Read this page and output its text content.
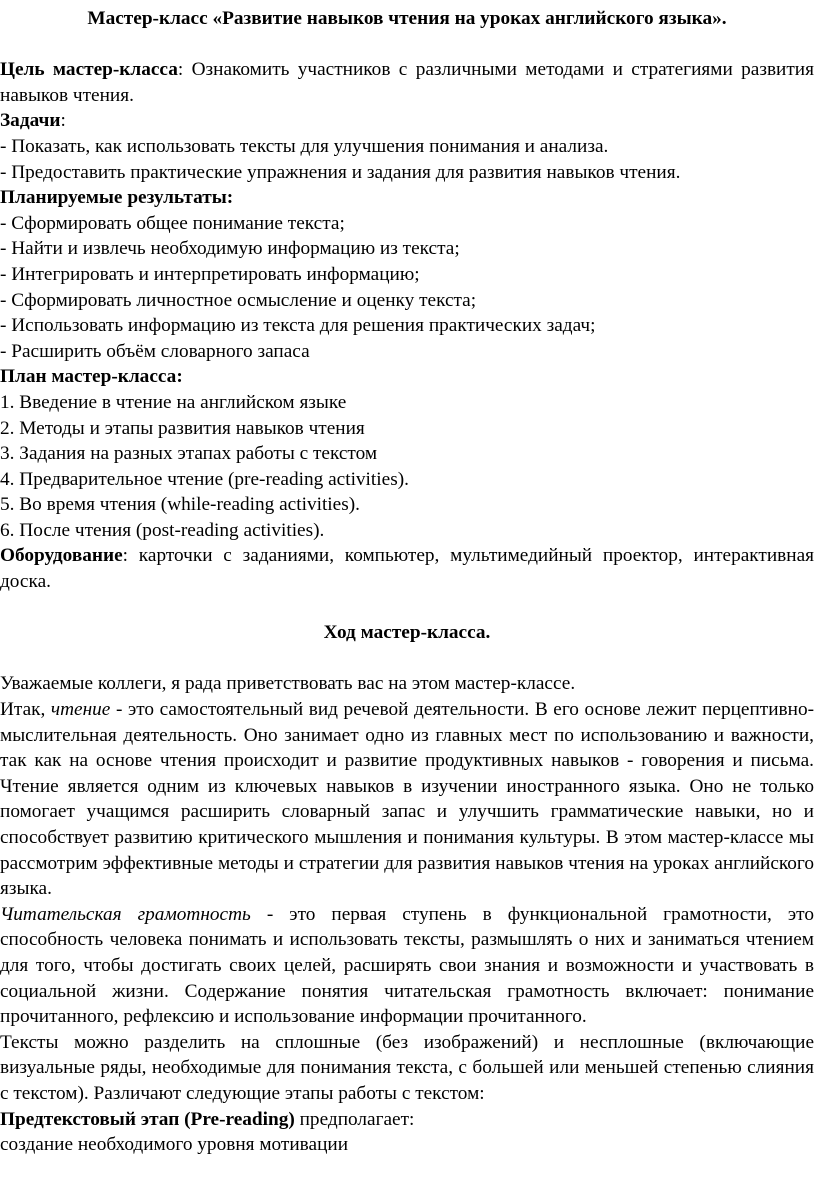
Мастер-класс «Развитие навыков чтения на уроках английского языка».

Цель мастер-класса: Ознакомить участников с различными методами и стратегиями развития навыков чтения.

Задачи:

- Показать, как использовать тексты для улучшения понимания и анализа.

- Предоставить практические упражнения и задания для развития навыков чтения.

Планируемые результаты:

- Сформировать общее понимание текста;

- Найти и извлечь необходимую информацию из текста;

- Интегрировать и интерпретировать информацию;

- Сформировать личностное осмысление и оценку текста;

- Использовать информацию из текста для решения практических задач;

- Расширить объём словарного запаса

План мастер-класса:

1. Введение в чтение на английском языке

2. Методы и этапы развития навыков чтения

3. Задания на разных этапах работы с текстом

4. Предварительное чтение (pre-reading activities).

5. Во время чтения (while-reading activities).

6. После чтения (post-reading activities).

Оборудование: карточки с заданиями, компьютер, мультимедийный проектор, интерактивная доска.

Ход мастер-класса.

Уважаемые коллеги, я рада приветствовать вас на этом мастер-классе.

Итак, чтение - это самостоятельный вид речевой деятельности. В его основе лежит перцептивно-мыслительная деятельность. Оно занимает одно из главных мест по использованию и важности, так как на основе чтения происходит и развитие продуктивных навыков - говорения и письма. Чтение является одним из ключевых навыков в изучении иностранного языка. Оно не только помогает учащимся расширить словарный запас и улучшить грамматические навыки, но и способствует развитию критического мышления и понимания культуры. В этом мастер-классе мы рассмотрим эффективные методы и стратегии для развития навыков чтения на уроках английского языка.

Читательская грамотность - это первая ступень в функциональной грамотности, это способность человека понимать и использовать тексты, размышлять о них и заниматься чтением для того, чтобы достигать своих целей, расширять свои знания и возможности и участвовать в социальной жизни. Содержание понятия читательская грамотность включает: понимание прочитанного, рефлексию и использование информации прочитанного.

Тексты можно разделить на сплошные (без изображений) и несплошные (включающие визуальные ряды, необходимые для понимания текста, с большей или меньшей степенью слияния с текстом). Различают следующие этапы работы с текстом:

Предтекстовый этап (Pre-reading) предполагает:

создание необходимого уровня мотивации
